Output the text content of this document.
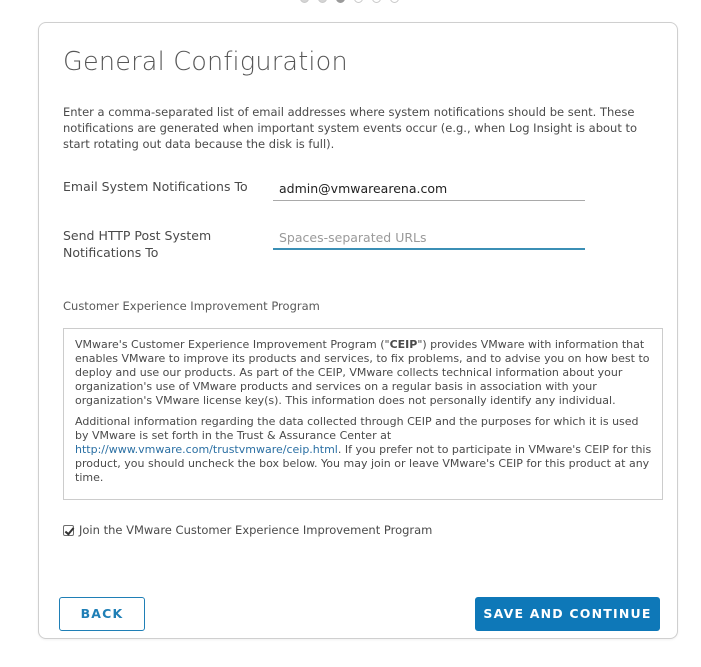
General Configuration

Enter a comma-separated list of email addresses where system notifications should be sent. These notifications are generated when important system events occur (e.g., when Log Insight is about to start rotating out data because the disk is full).

Email System Notifications To
admin@vmwarearena.com
Send HTTP Post System Notifications To
Spaces-separated URLs
Customer Experience Improvement Program

VMware's Customer Experience Improvement Program ("CEIP") provides VMware with information that enables VMware to improve its products and services, to fix problems, and to advise you on how best to deploy and use our products. As part of the CEIP, VMware collects technical information about your organization's use of VMware products and services on a regular basis in association with your organization's VMware license key(s). This information does not personally identify any individual.

Additional information regarding the data collected through CEIP and the purposes for which it is used by VMware is set forth in the Trust & Assurance Center at http://www.vmware.com/trustvmware/ceip.html. If you prefer not to participate in VMware's CEIP for this product, you should uncheck the box below. You may join or leave VMware's CEIP for this product at any time.

Join the VMware Customer Experience Improvement Program
BACK	SAVE AND CONTINUE
